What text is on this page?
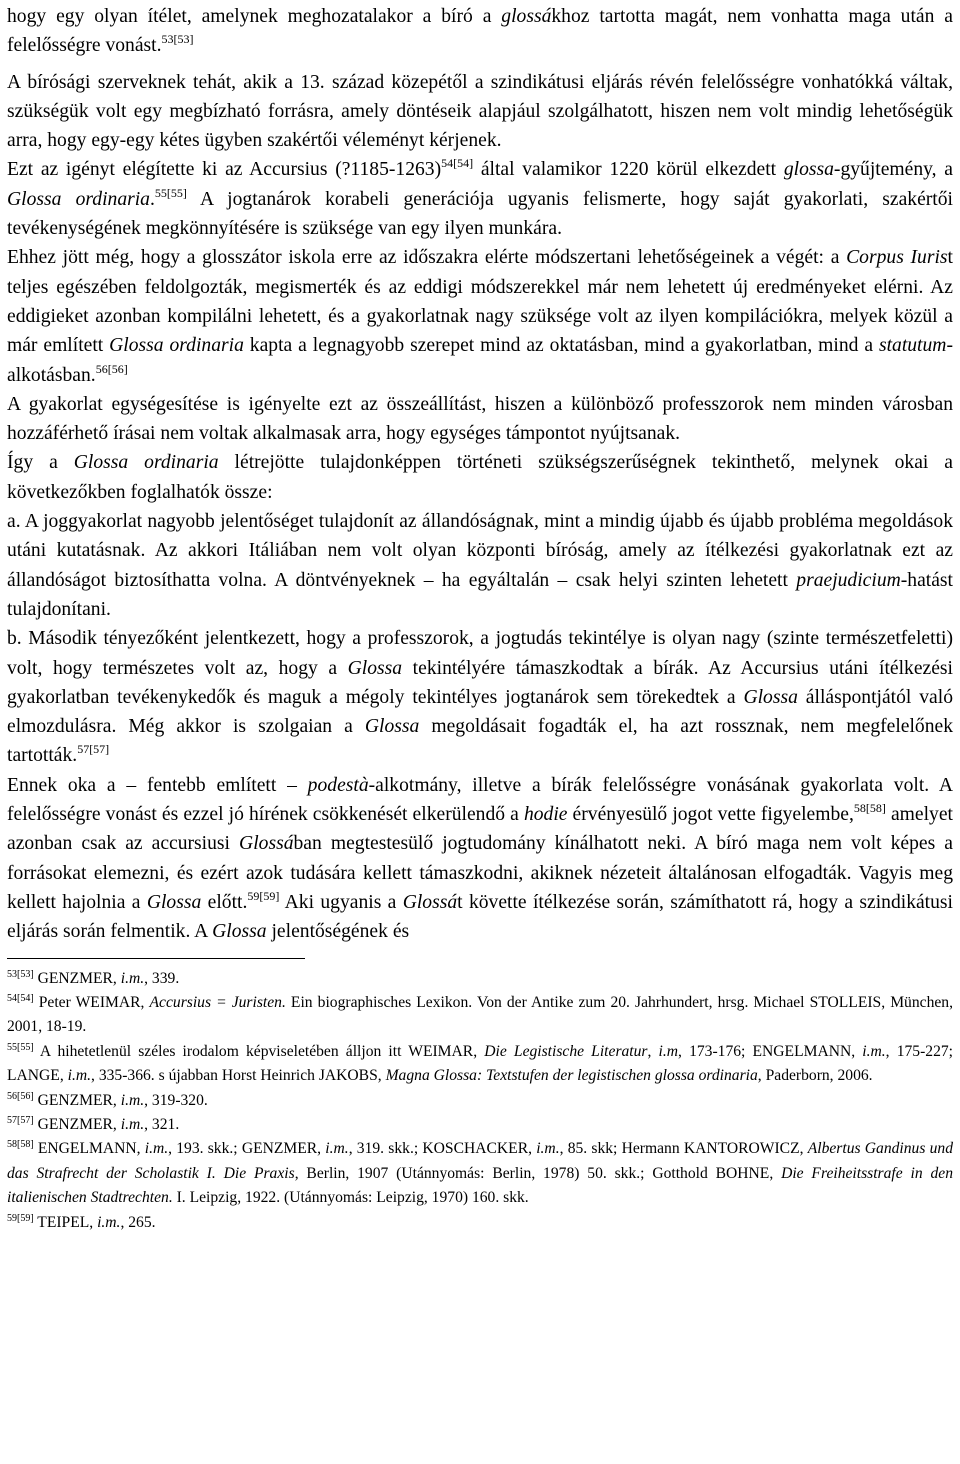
hogy egy olyan ítélet, amelynek meghozatalakor a bíró a glossákhoz tartotta magát, nem vonhatta maga után a felelősségre vonást.$^{53[53]}$

A bírósági szerveknek tehát, akik a 13. század közepétől a szindikátusi eljárás révén felelősségre vonhatókká váltak, szükségük volt egy megbízható forrásra, amely döntéseik alapjául szolgálhatott, hiszen nem volt mindig lehetőségük arra, hogy egy-egy kétes ügyben szakértői véleményt kérjenek.

Ezt az igényt elégítette ki az Accursius (?1185-1263)$^{54[54]}$ által valamikor 1220 körül elkezdett glossa-gyűjtemény, a Glossa ordinaria.$^{55[55]}$ A jogtanárok korabeli generációja ugyanis felismerte, hogy saját gyakorlati, szakértői tevékenységének megkönnyítésére is szüksége van egy ilyen munkára.

Ehhez jött még, hogy a glosszátor iskola erre az időszakra elérte módszertani lehetőségeinek a végét: a Corpus Iurist teljes egészében feldolgozták, megismerték és az eddigi módszerekkel már nem lehetett új eredményeket elérni. Az eddigieket azonban kompilálni lehetett, és a gyakorlatnak nagy szüksége volt az ilyen kompilációkra, melyek közül a már említett Glossa ordinaria kapta a legnagyobb szerepet mind az oktatásban, mind a gyakorlatban, mind a statutum-alkotásban.$^{56[56]}$

A gyakorlat egységesítése is igényelte ezt az összeállítást, hiszen a különböző professzorok nem minden városban hozzáférhető írásai nem voltak alkalmasak arra, hogy egységes támpontot nyújtsanak.

Így a Glossa ordinaria létrejötte tulajdonképpen történeti szükségszerűségnek tekinthető, melynek okai a következőkben foglalhatók össze:

a. A joggyakorlat nagyobb jelentőséget tulajdonít az állandóságnak, mint a mindig újabb és újabb probléma megoldások utáni kutatásnak. Az akkori Itáliában nem volt olyan központi bíróság, amely az ítélkezési gyakorlatnak ezt az állandóságot biztosíthatta volna. A döntvényeknek – ha egyáltalán – csak helyi szinten lehetett praejudicium-hatást tulajdonítani.

b. Második tényezőként jelentkezett, hogy a professzorok, a jogtudás tekintélye is olyan nagy (szinte természetfeletti) volt, hogy természetes volt az, hogy a Glossa tekintélyére támaszkodtak a bírák. Az Accursius utáni ítélkezési gyakorlatban tevékenykedők és maguk a mégoly tekintélyes jogtanárok sem törekedtek a Glossa álláspontjától való elmozdulásra. Még akkor is szolgaian a Glossa megoldásait fogadták el, ha azt rossznak, nem megfelelőnek tartották.$^{57[57]}$

Ennek oka a – fentebb említett – podestà-alkotmány, illetve a bírák felelősségre vonásának gyakorlata volt. A felelősségre vonást és ezzel jó hírének csökkenését elkerülendő a hodie érvényesülő jogot vette figyelembe,$^{58[58]}$ amelyet azonban csak az accursiusi Glossában megtestesülő jogtudomány kínálhatott neki. A bíró maga nem volt képes a forrásokat elemezni, és ezért azok tudására kellett támaszkodni, akiknek nézeteit általánosan elfogadták. Vagyis meg kellett hajolnia a Glossa előtt.$^{59[59]}$ Aki ugyanis a Glossát követte ítélkezése során, számíthatott rá, hogy a szindikátusi eljárás során felmentik. A Glossa jelentőségének és

$^{53[53]}$ GENZMER, i.m., 339.

$^{54[54]}$ Peter WEIMAR, Accursius = Juristen. Ein biographisches Lexikon. Von der Antike zum 20. Jahrhundert, hrsg. Michael STOLLEIS, München, 2001, 18-19.

$^{55[55]}$ A hihetetlenül széles irodalom képviseletében álljon itt WEIMAR, Die Legistische Literatur, i.m, 173-176; ENGELMANN, i.m., 175-227; LANGE, i.m., 335-366. s újabban Horst Heinrich JAKOBS, Magna Glossa: Textstufen der legistischen glossa ordinaria, Paderborn, 2006.

$^{56[56]}$ GENZMER, i.m., 319-320.

$^{57[57]}$ GENZMER, i.m., 321.

$^{58[58]}$ ENGELMANN, i.m., 193. skk.; GENZMER, i.m., 319. skk.; KOSCHACKER, i.m., 85. skk; Hermann KANTOROWICZ, Albertus Gandinus und das Strafrecht der Scholastik I. Die Praxis, Berlin, 1907 (Utánnyomás: Berlin, 1978) 50. skk.; Gotthold BOHNE, Die Freiheitsstrafe in den italienischen Stadtrechten. I. Leipzig, 1922. (Utánnyomás: Leipzig, 1970) 160. skk.

$^{59[59]}$ TEIPEL, i.m., 265.
